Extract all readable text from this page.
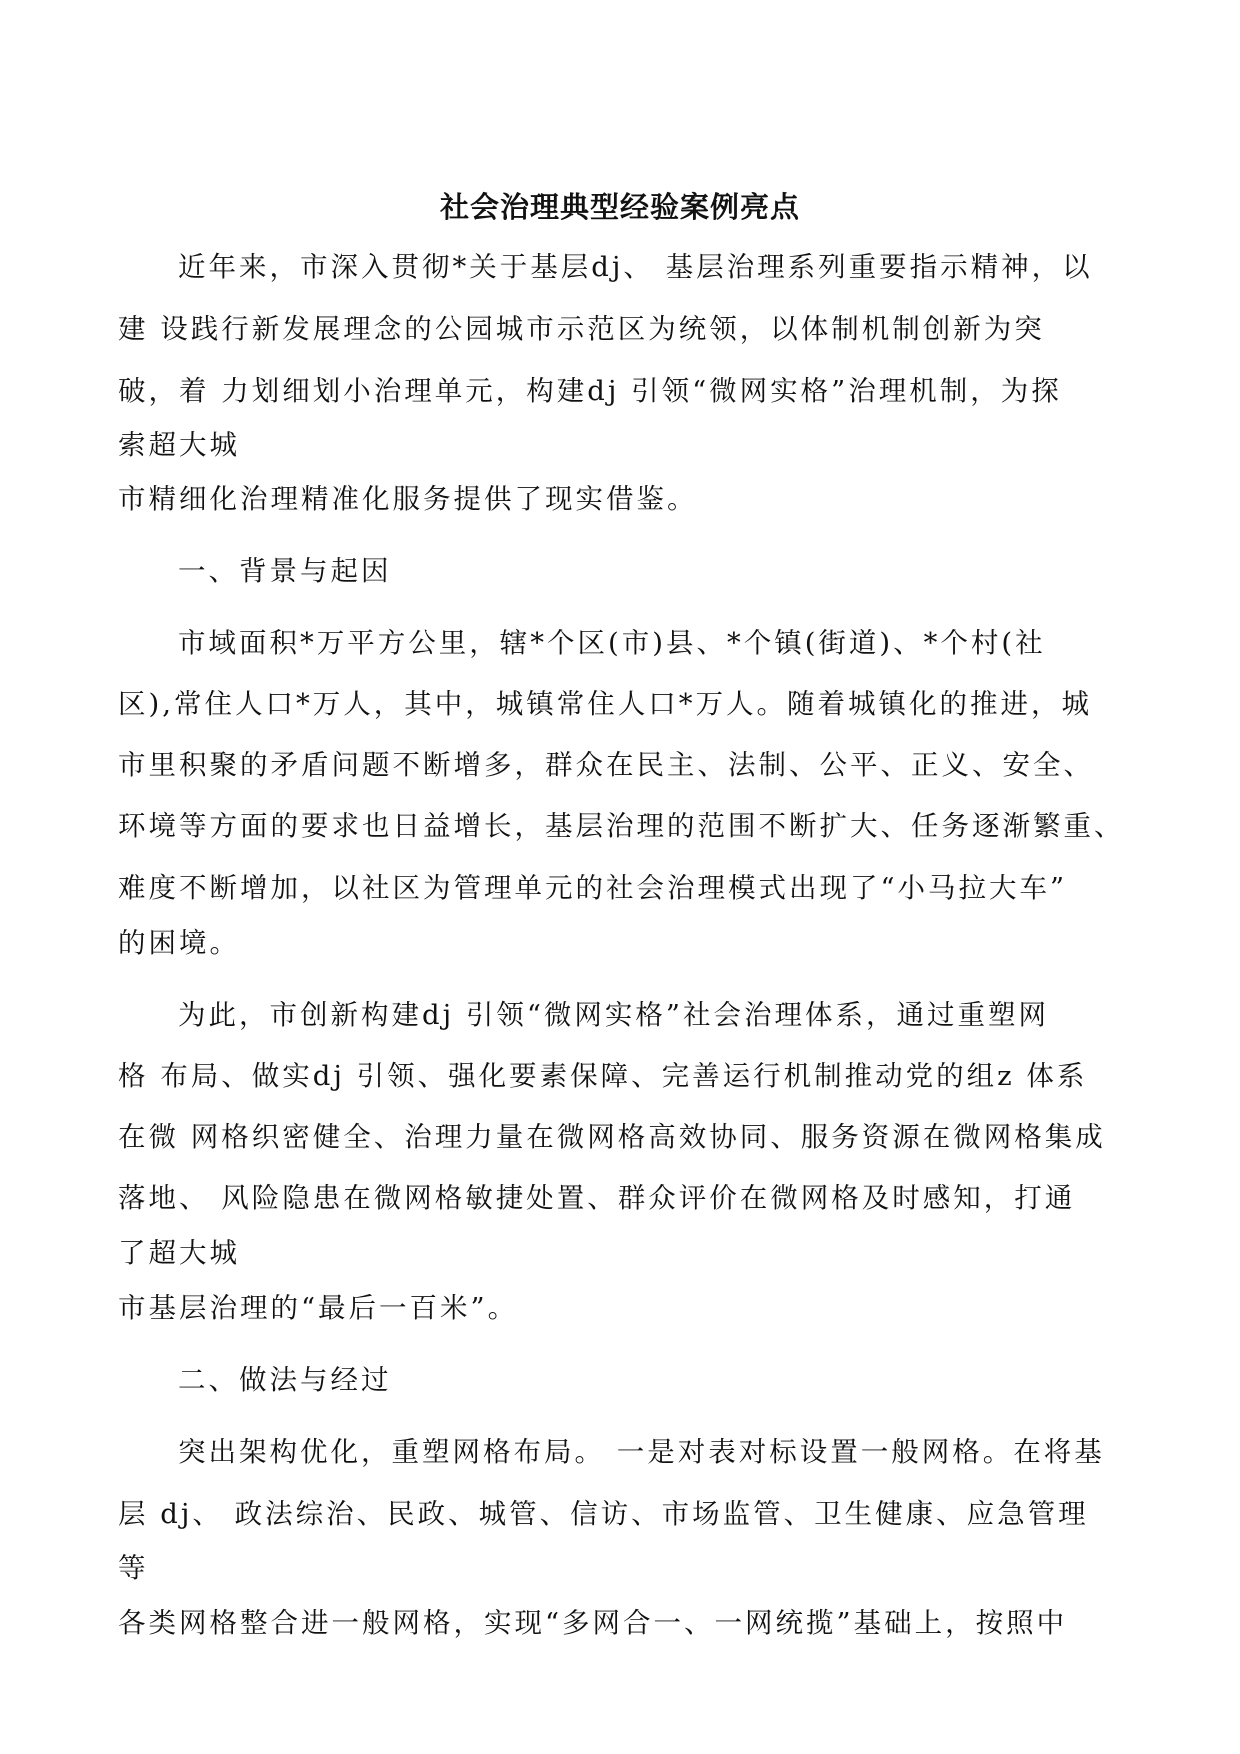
社会治理典型经验案例亮点

近年来，市深入贯彻*关于基层dj、 基层治理系列重要指示精神，以

建 设践行新发展理念的公园城市示范区为统领，以体制机制创新为突

破，着 力划细划小治理单元，构建dj 引领“微网实格”治理机制，为探

索超大城

市精细化治理精准化服务提供了现实借鉴。

一、背景与起因

市域面积*万平方公里，辖*个区(市)县、*个镇(街道)、*个村(社

区),常住人口*万人，其中，城镇常住人口*万人。随着城镇化的推进，城

市里积聚的矛盾问题不断增多，群众在民主、法制、公平、正义、安全、

环境等方面的要求也日益增长，基层治理的范围不断扩大、任务逐渐繁重、

难度不断增加，以社区为管理单元的社会治理模式出现了“小马拉大车”

的困境。

为此，市创新构建dj 引领“微网实格”社会治理体系，通过重塑网

格 布局、做实dj 引领、强化要素保障、完善运行机制推动党的组z 体系

在微 网格织密健全、治理力量在微网格高效协同、服务资源在微网格集成

落地、 风险隐患在微网格敏捷处置、群众评价在微网格及时感知，打通

了超大城

市基层治理的“最后一百米”。

二、做法与经过

突出架构优化，重塑网格布局。 一是对表对标设置一般网格。在将基

层 dj、 政法综治、民政、城管、信访、市场监管、卫生健康、应急管理

等

各类网格整合进一般网格，实现“多网合一、一网统揽”基础上，按照中
